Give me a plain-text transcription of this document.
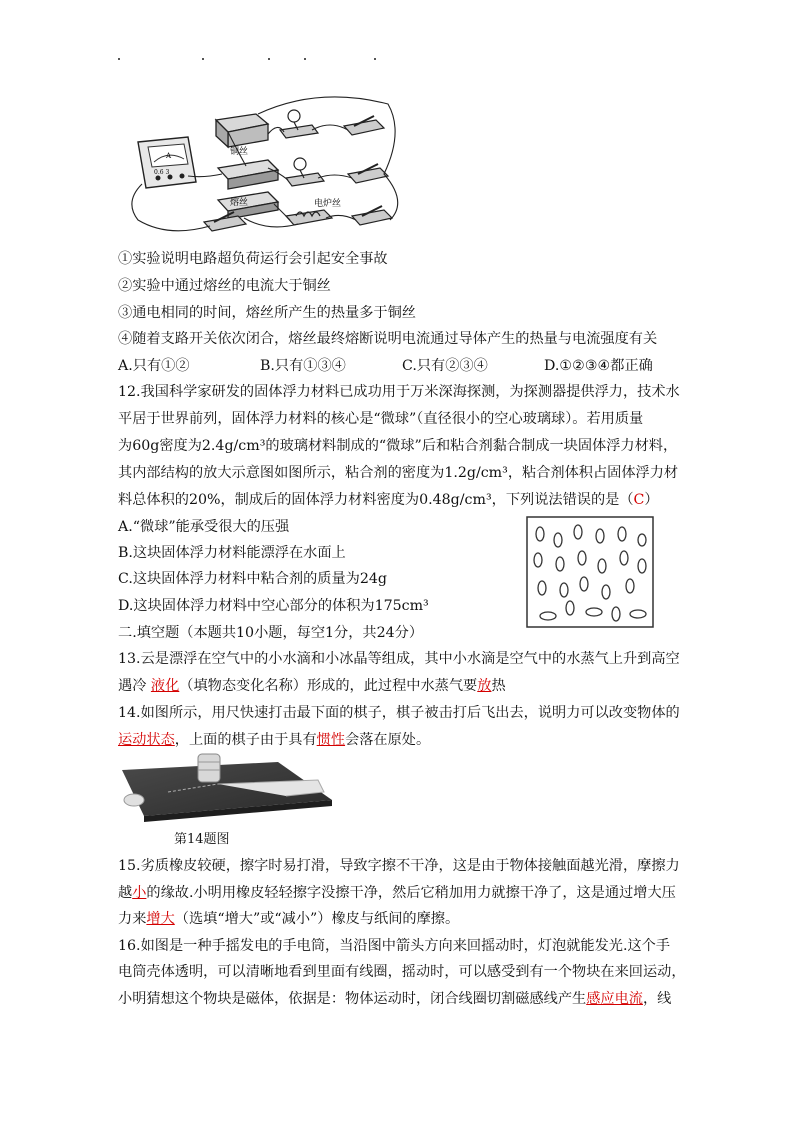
A
0.6 3
铜丝
熔丝	电炉丝
①实验说明电路超负荷运行会引起安全事故
②实验中通过熔丝的电流大于铜丝
③通电相同的时间，熔丝所产生的热量多于铜丝
④随着支路开关依次闭合，熔丝最终熔断说明电流通过导体产生的热量与电流强度有关
A.只有①②	B.只有①③④	C.只有②③④	D.①②③④都正确
12.我国科学家研发的固体浮力材料已成功用于万米深海探测，为探测器提供浮力，技术水
平居于世界前列，固体浮力材料的核心是“微球”（直径很小的空心玻璃球）。若用质量
为60g密度为2.4g/cm³的玻璃材料制成的“微球”后和粘合剂黏合制成一块固体浮力材料，
其内部结构的放大示意图如图所示，粘合剂的密度为1.2g/cm³，粘合剂体积占固体浮力材
料总体积的20%，制成后的固体浮力材料密度为0.48g/cm³，下列说法错误的是（C）
A.“微球”能承受很大的压强
B.这块固体浮力材料能漂浮在水面上
C.这块固体浮力材料中粘合剂的质量为24g
D.这块固体浮力材料中空心部分的体积为175cm³
二.填空题（本题共10小题，每空1分，共24分）
13.云是漂浮在空气中的小水滴和小冰晶等组成，其中小水滴是空气中的水蒸气上升到高空
遇冷 液化（填物态变化名称）形成的，此过程中水蒸气要放热
14.如图所示，用尺快速打击最下面的棋子，棋子被击打后飞出去，说明力可以改变物体的
运动状态，上面的棋子由于具有惯性会落在原处。
第14题图
15.劣质橡皮较硬，擦字时易打滑，导致字擦不干净，这是由于物体接触面越光滑，摩擦力
越小的缘故.小明用橡皮轻轻擦字没擦干净，然后它稍加用力就擦干净了，这是通过增大压
力来增大（选填“增大”或“减小”）橡皮与纸间的摩擦。
16.如图是一种手摇发电的手电筒，当沿图中箭头方向来回摇动时，灯泡就能发光.这个手
电筒壳体透明，可以清晰地看到里面有线圈，摇动时，可以感受到有一个物块在来回运动，
小明猜想这个物块是磁体，依据是：物体运动时，闭合线圈切割磁感线产生感应电流，线
